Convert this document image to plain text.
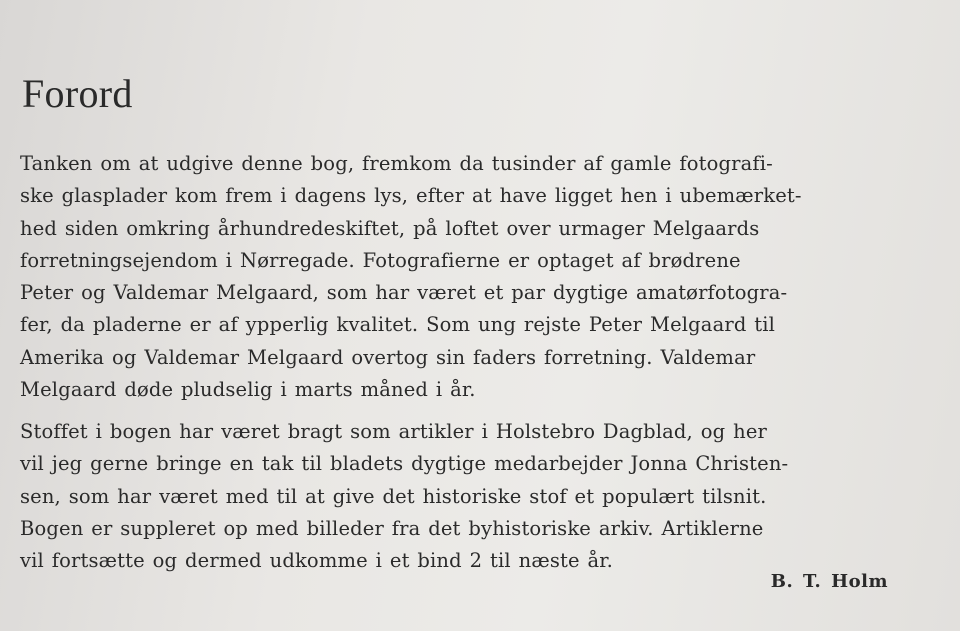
Forord
Tanken om at udgive denne bog, fremkom da tusinder af gamle fotografi-
ske glasplader kom frem i dagens lys, efter at have ligget hen i ubemærket-
hed siden omkring århundredeskiftet, på loftet over urmager Melgaards
forretningsejendom i Nørregade. Fotografierne er optaget af brødrene
Peter og Valdemar Melgaard, som har været et par dygtige amatørfotogra-
fer, da pladerne er af ypperlig kvalitet. Som ung rejste Peter Melgaard til
Amerika og Valdemar Melgaard overtog sin faders forretning. Valdemar
Melgaard døde pludselig i marts måned i år.
Stoffet i bogen har været bragt som artikler i Holstebro Dagblad, og her
vil jeg gerne bringe en tak til bladets dygtige medarbejder Jonna Christen-
sen, som har været med til at give det historiske stof et populært tilsnit.
Bogen er suppleret op med billeder fra det byhistoriske arkiv. Artiklerne
vil fortsætte og dermed udkomme i et bind 2 til næste år.
B. T. Holm
